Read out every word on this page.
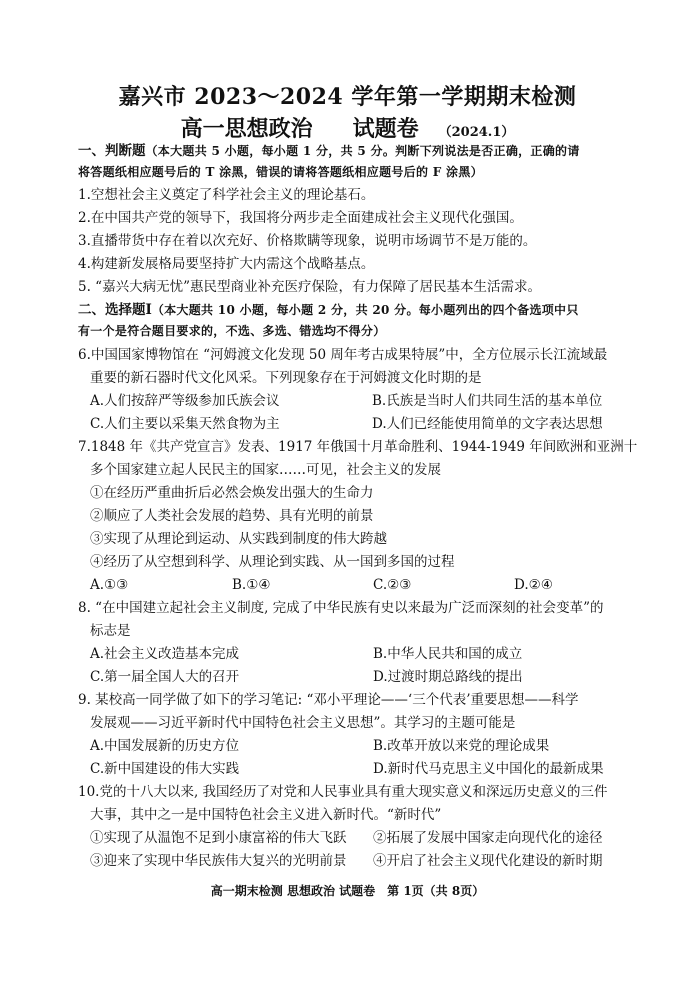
嘉兴市 2023～2024 学年第一学期期末检测
高一思想政治 试题卷 （2024.1）
一、判断题（本大题共 5 小题，每小题 1 分，共 5 分。判断下列说法是否正确，正确的请
将答题纸相应题号后的 T 涂黑，错误的请将答题纸相应题号后的 F 涂黑）
1.空想社会主义奠定了科学社会主义的理论基石。
2.在中国共产党的领导下，我国将分两步走全面建成社会主义现代化强国。
3.直播带货中存在着以次充好、价格欺瞒等现象，说明市场调节不是万能的。
4.构建新发展格局要坚持扩大内需这个战略基点。
5. “嘉兴大病无忧”惠民型商业补充医疗保险，有力保障了居民基本生活需求。
二、选择题Ⅰ（本大题共 10 小题，每小题 2 分，共 20 分。每小题列出的四个备选项中只
有一个是符合题目要求的，不选、多选、错选均不得分）
6.中国国家博物馆在 “河姆渡文化发现 50 周年考古成果特展”中，全方位展示长江流域最
重要的新石器时代文化风采。下列现象存在于河姆渡文化时期的是
A.人们按辞严等级参加氏族会议	B.氏族是当时人们共同生活的基本单位
C.人们主要以采集天然食物为主	D.人们已经能使用简单的文字表达思想
7.1848 年《共产党宣言》发表、1917 年俄国十月革命胜利、1944-1949 年间欧洲和亚洲十
多个国家建立起人民民主的国家……可见，社会主义的发展
①在经历严重曲折后必然会焕发出强大的生命力
②顺应了人类社会发展的趋势、具有光明的前景
③实现了从理论到运动、从实践到制度的伟大跨越
④经历了从空想到科学、从理论到实践、从一国到多国的过程
A.①③	B.①④	C.②③	D.②④
8. “在中国建立起社会主义制度, 完成了中华民族有史以来最为广泛而深刻的社会变革”的
标志是
A.社会主义改造基本完成	B.中华人民共和国的成立
C.第一届全国人大的召开	D.过渡时期总路线的提出
9. 某校高一同学做了如下的学习笔记: “邓小平理论——‘三个代表’重要思想——科学
发展观——习近平新时代中国特色社会主义思想”。其学习的主题可能是
A.中国发展新的历史方位	B.改革开放以来党的理论成果
C.新中国建设的伟大实践	D.新时代马克思主义中国化的最新成果
10.党的十八大以来, 我国经历了对党和人民事业具有重大现实意义和深远历史意义的三件
大事，其中之一是中国特色社会主义进入新时代。“新时代”
①实现了从温饱不足到小康富裕的伟大飞跃 ②拓展了发展中国家走向现代化的途径
③迎来了实现中华民族伟大复兴的光明前景 ④开启了社会主义现代化建设的新时期
高一期末检测 思想政治 试题卷　第 1页（共 8页）
